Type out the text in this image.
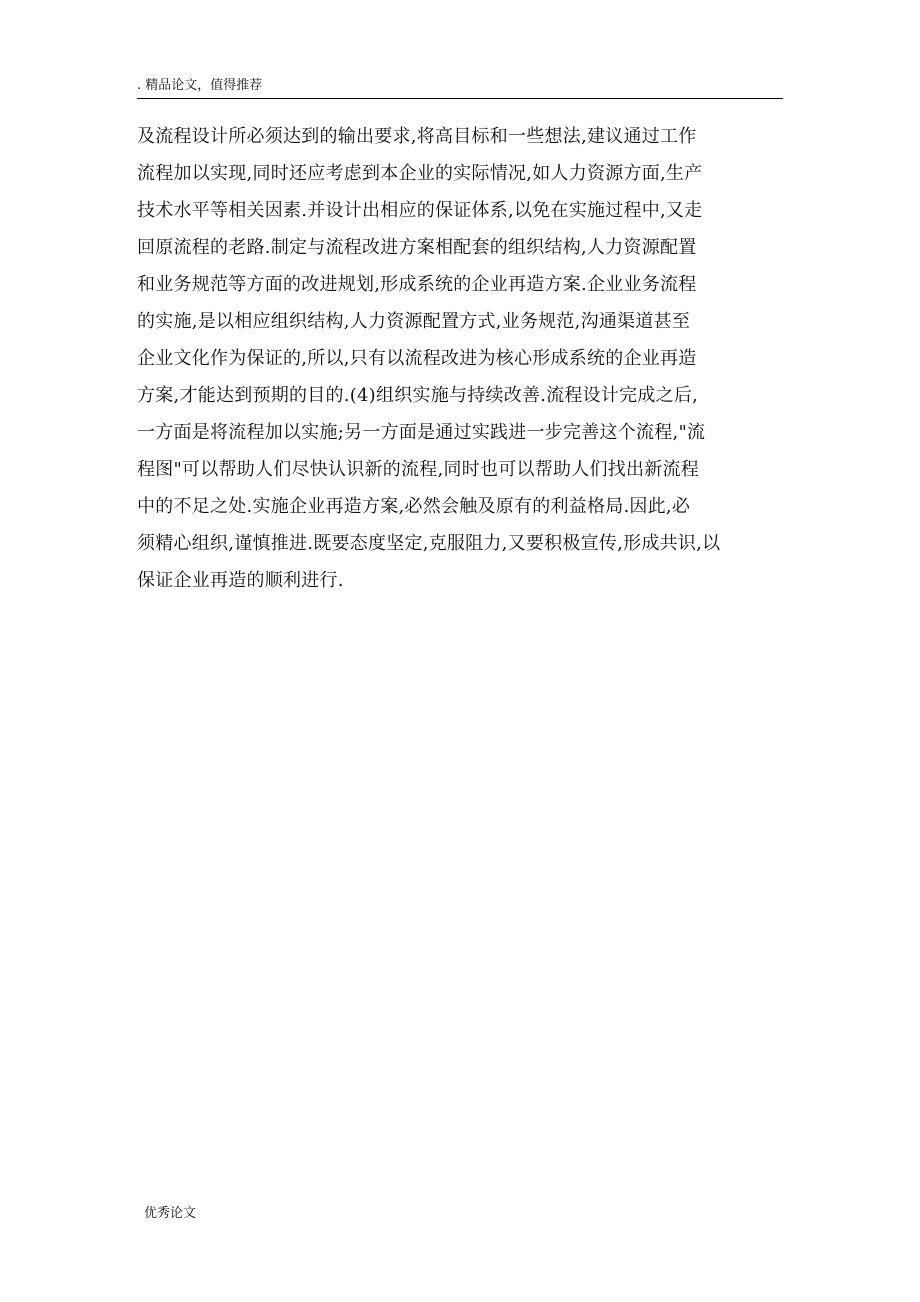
. 精品论文，值得推荐
及流程设计所必须达到的输出要求,将高目标和一些想法,建议通过工作
流程加以实现,同时还应考虑到本企业的实际情况,如人力资源方面,生产
技术水平等相关因素.并设计出相应的保证体系,以免在实施过程中,又走
回原流程的老路.制定与流程改进方案相配套的组织结构,人力资源配置
和业务规范等方面的改进规划,形成系统的企业再造方案.企业业务流程
的实施,是以相应组织结构,人力资源配置方式,业务规范,沟通渠道甚至
企业文化作为保证的,所以,只有以流程改进为核心形成系统的企业再造
方案,才能达到预期的目的.(4)组织实施与持续改善.流程设计完成之后,
一方面是将流程加以实施;另一方面是通过实践进一步完善这个流程,"流
程图"可以帮助人们尽快认识新的流程,同时也可以帮助人们找出新流程
中的不足之处.实施企业再造方案,必然会触及原有的利益格局.因此,必
须精心组织,谨慎推进.既要态度坚定,克服阻力,又要积极宣传,形成共识,以
保证企业再造的顺利进行.
优秀论文
